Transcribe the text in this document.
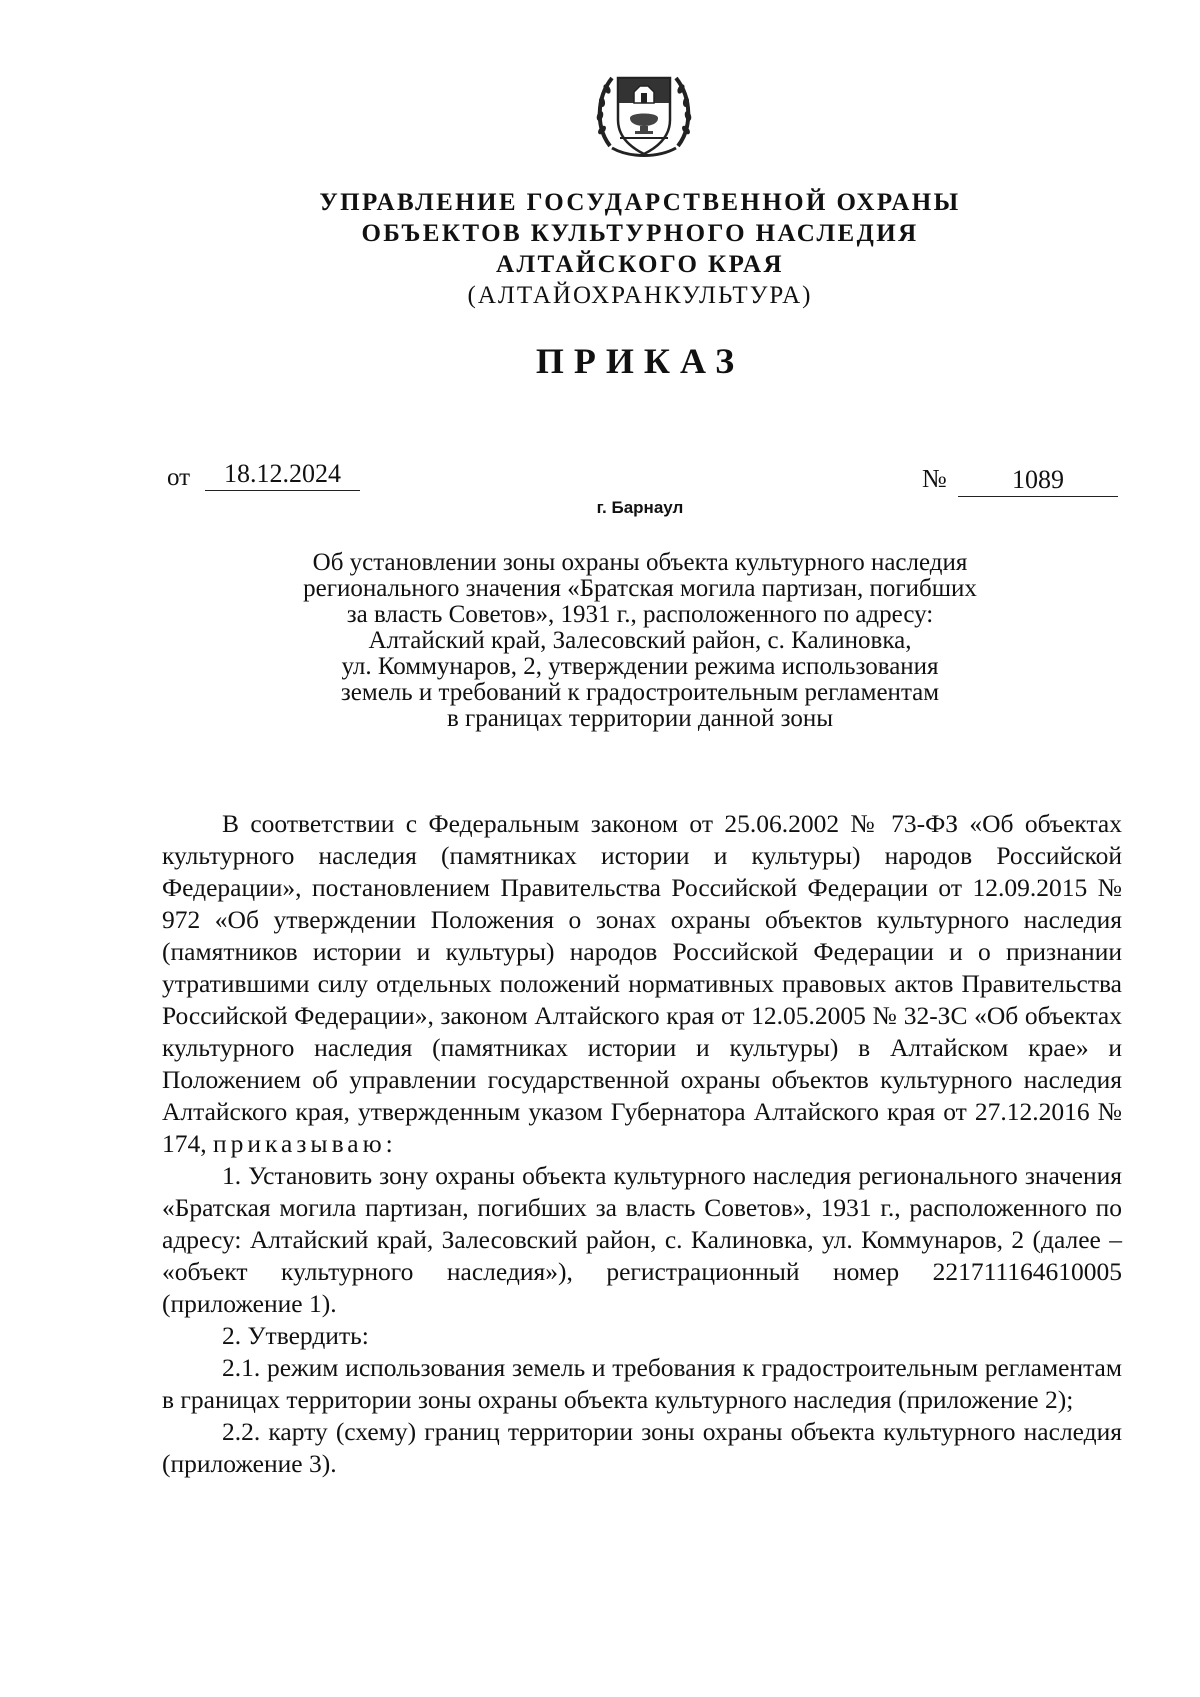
УПРАВЛЕНИЕ ГОСУДАРСТВЕННОЙ ОХРАНЫ
ОБЪЕКТОВ КУЛЬТУРНОГО НАСЛЕДИЯ
АЛТАЙСКОГО КРАЯ
(АЛТАЙОХРАНКУЛЬТУРА)
ПРИКАЗ
от	18.12.2024	№	1089
г. Барнаул
Об установлении зоны охраны объекта культурного наследия
регионального значения «Братская могила партизан, погибших
за власть Советов», 1931 г., расположенного по адресу:
Алтайский край, Залесовский район, с. Калиновка,
ул. Коммунаров, 2, утверждении режима использования
земель и требований к градостроительным регламентам
в границах территории данной зоны

В соответствии с Федеральным законом от 25.06.2002 № 73-ФЗ «Об объектах культурного наследия (памятниках истории и культуры) народов Российской Федерации», постановлением Правительства Российской Федерации от 12.09.2015 № 972 «Об утверждении Положения о зонах охраны объектов культурного наследия (памятников истории и культуры) народов Российской Федерации и о признании утратившими силу отдельных положений нормативных правовых актов Правительства Российской Федерации», законом Алтайского края от 12.05.2005 № 32-ЗС «Об объектах культурного наследия (памятниках истории и культуры) в Алтайском крае» и Положением об управлении государственной охраны объектов культурного наследия Алтайского края, утвержденным указом Губернатора Алтайского края от 27.12.2016 № 174, приказываю:

1. Установить зону охраны объекта культурного наследия регионального значения «Братская могила партизан, погибших за власть Советов», 1931 г., расположенного по адресу: Алтайский край, Залесовский район, с. Калиновка, ул. Коммунаров, 2 (далее – «объект культурного наследия»), регистрационный номер 221711164610005 (приложение 1).

2. Утвердить:

2.1. режим использования земель и требования к градостроительным регламентам в границах территории зоны охраны объекта культурного наследия (приложение 2);

2.2. карту (схему) границ территории зоны охраны объекта культурного наследия (приложение 3).
